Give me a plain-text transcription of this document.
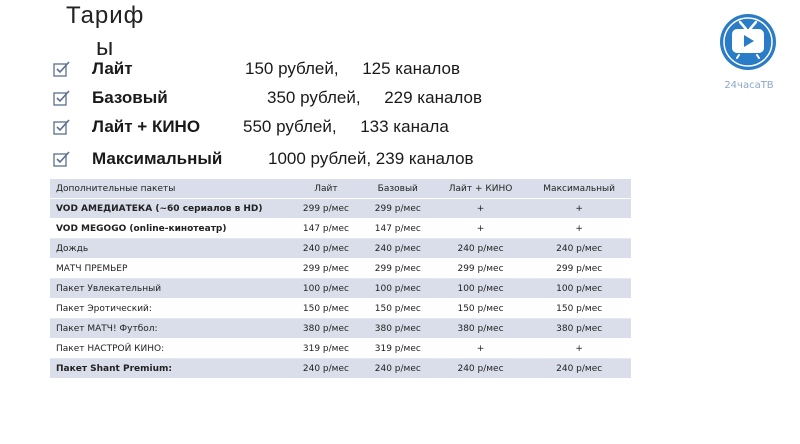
Тариф
ы
Лайт	150 рублей,     125 каналов
Базовый	350 рублей,     229 каналов
Лайт + КИНО	550 рублей,     133 канала
Максимальный	1000 рублей, 239 каналов
24часаТВ
Дополнительные пакеты	Лайт	Базовый	Лайт + КИНО	Максимальный
VOD АМЕДИАТЕКА (~60 сериалов в HD)	299 р/мес	299 р/мес	+	+
VOD MEGOGO (online-кинотеатр)	147 р/мес	147 р/мес	+	+
Дождь	240 р/мес	240 р/мес	240 р/мес	240 р/мес
МАТЧ ПРЕМЬЕР	299 р/мес	299 р/мес	299 р/мес	299 р/мес
Пакет Увлекательный	100 р/мес	100 р/мес	100 р/мес	100 р/мес
Пакет Эротический:	150 р/мес	150 р/мес	150 р/мес	150 р/мес
Пакет МАТЧ! Футбол:	380 р/мес	380 р/мес	380 р/мес	380 р/мес
Пакет НАСТРОЙ КИНО:	319 р/мес	319 р/мес	+	+
Пакет Shant Premium:	240 р/мес	240 р/мес	240 р/мес	240 р/мес
